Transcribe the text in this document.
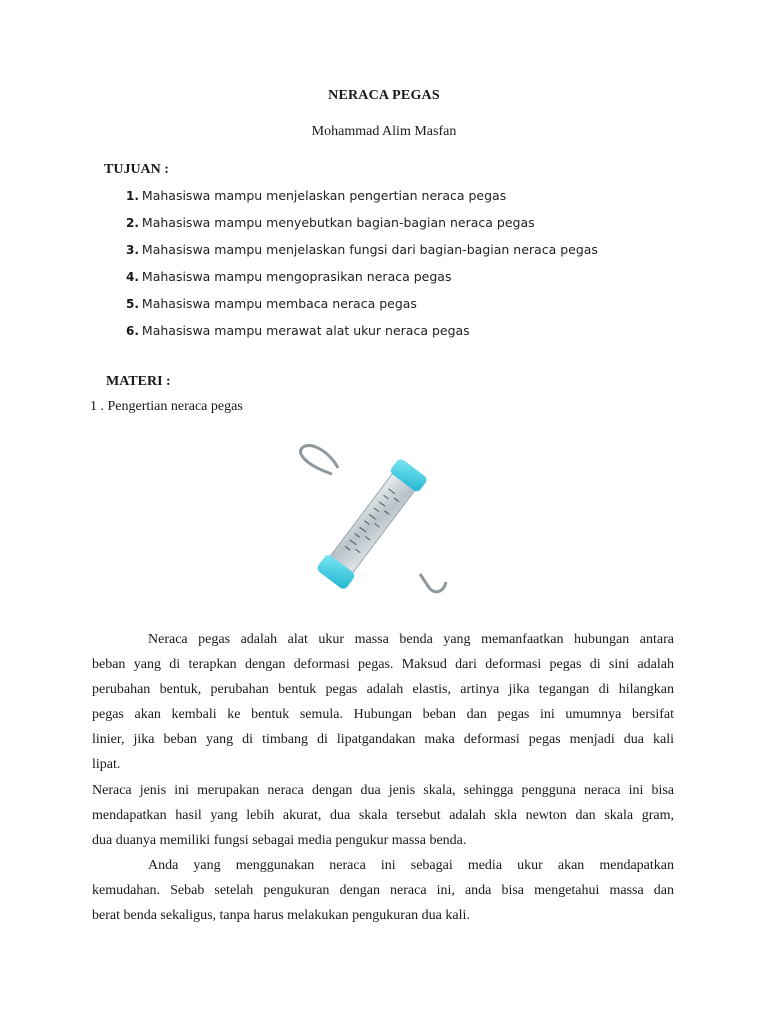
NERACA PEGAS
Mohammad Alim Masfan
TUJUAN :
1. Mahasiswa mampu menjelaskan pengertian neraca pegas
2. Mahasiswa mampu menyebutkan bagian-bagian neraca pegas
3. Mahasiswa mampu menjelaskan fungsi dari bagian-bagian neraca pegas
4. Mahasiswa mampu mengoprasikan neraca pegas
5. Mahasiswa mampu membaca neraca pegas
6. Mahasiswa mampu merawat alat ukur neraca pegas
MATERI :
1 . Pengertian neraca pegas

Neraca pegas adalah alat ukur massa benda yang memanfaatkan hubungan antara
beban yang di terapkan dengan deformasi pegas. Maksud dari deformasi pegas di sini adalah
perubahan bentuk, perubahan bentuk pegas adalah elastis, artinya jika tegangan di hilangkan
pegas akan kembali ke bentuk semula. Hubungan beban dan pegas ini umumnya bersifat
linier, jika beban yang di timbang di lipatgandakan maka deformasi pegas menjadi dua kali
lipat.

Neraca jenis ini merupakan neraca dengan dua jenis skala, sehingga pengguna neraca ini bisa
mendapatkan hasil yang lebih akurat, dua skala tersebut adalah skla newton dan skala gram,
dua duanya memiliki fungsi sebagai media pengukur massa benda.

Anda yang menggunakan neraca ini sebagai media ukur akan mendapatkan
kemudahan. Sebab setelah pengukuran dengan neraca ini, anda bisa mengetahui massa dan
berat benda sekaligus, tanpa harus melakukan pengukuran dua kali.
